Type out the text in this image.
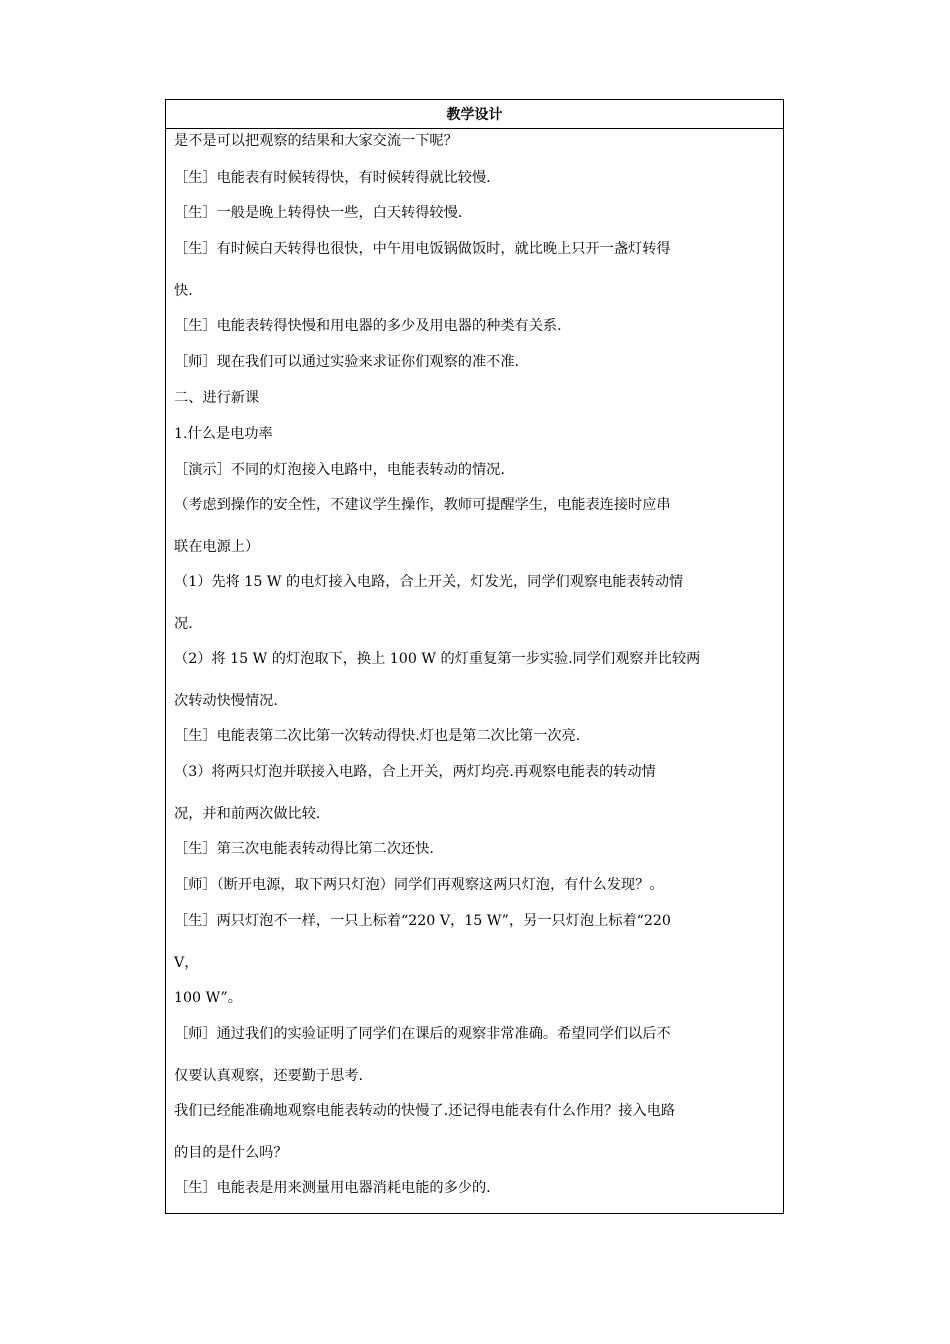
教学设计
是不是可以把观察的结果和大家交流一下呢？
［生］电能表有时候转得快，有时候转得就比较慢.
［生］一般是晚上转得快一些，白天转得较慢.
［生］有时候白天转得也很快，中午用电饭锅做饭时，就比晚上只开一盏灯转得
快.
［生］电能表转得快慢和用电器的多少及用电器的种类有关系.
［师］现在我们可以通过实验来求证你们观察的准不准.
二、进行新课
1.什么是电功率
［演示］不同的灯泡接入电路中，电能表转动的情况.
（考虑到操作的安全性，不建议学生操作，教师可提醒学生，电能表连接时应串
联在电源上）
（1）先将 15 W 的电灯接入电路，合上开关，灯发光，同学们观察电能表转动情
况.
（2）将 15 W 的灯泡取下，换上 100 W 的灯重复第一步实验.同学们观察并比较两
次转动快慢情况.
［生］电能表第二次比第一次转动得快.灯也是第二次比第一次亮.
（3）将两只灯泡并联接入电路，合上开关，两灯均亮.再观察电能表的转动情
况，并和前两次做比较.
［生］第三次电能表转动得比第二次还快.
［师］（断开电源，取下两只灯泡）同学们再观察这两只灯泡，有什么发现？。
［生］两只灯泡不一样，一只上标着“220 V，15 W”，另一只灯泡上标着“220
V，
100 W”。
［师］通过我们的实验证明了同学们在课后的观察非常准确。希望同学们以后不
仅要认真观察，还要勤于思考.
我们已经能准确地观察电能表转动的快慢了.还记得电能表有什么作用？接入电路
的目的是什么吗？
［生］电能表是用来测量用电器消耗电能的多少的.
